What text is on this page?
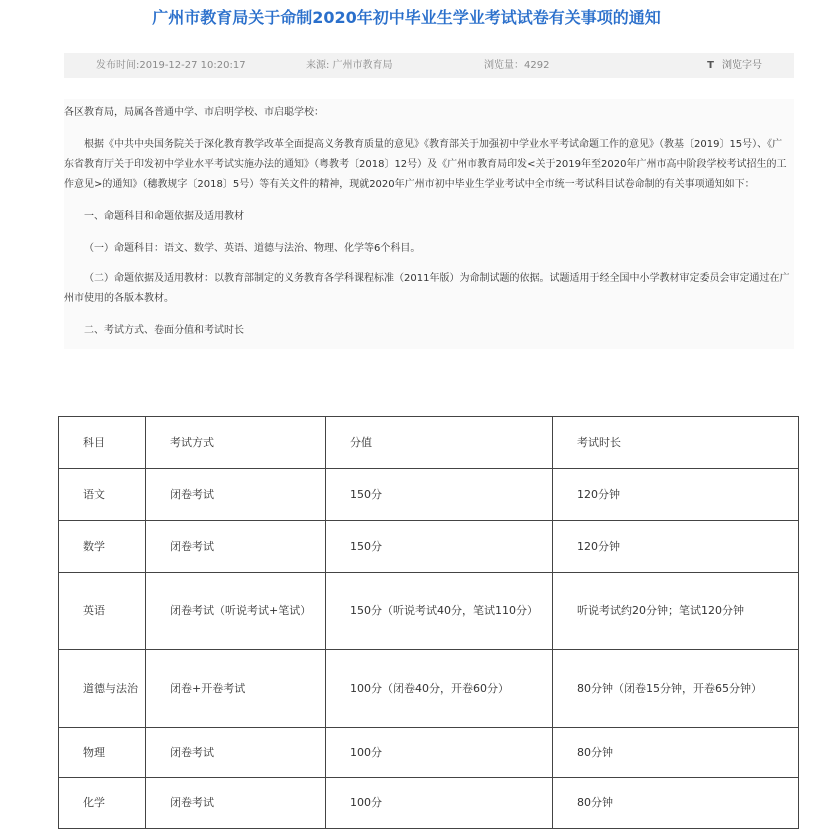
广州市教育局关于命制2020年初中毕业生学业考试试卷有关事项的通知
发布时间:2019-12-27 10:20:17	来源: 广州市教育局	浏览量：4292	T 浏览字号

各区教育局，局属各普通中学、市启明学校、市启聪学校：

根据《中共中央国务院关于深化教育教学改革全面提高义务教育质量的意见》《教育部关于加强初中学业水平考试命题工作的意见》（教基〔2019〕15号）、《广东省教育厅关于印发初中学业水平考试实施办法的通知》（粤教考〔2018〕12号）及《广州市教育局印发<关于2019年至2020年广州市高中阶段学校考试招生的工作意见>的通知》（穗教规字〔2018〕5号）等有关文件的精神，现就2020年广州市初中毕业生学业考试中全市统一考试科目试卷命制的有关事项通知如下：

一、命题科目和命题依据及适用教材

（一）命题科目：语文、数学、英语、道德与法治、物理、化学等6个科目。

（二）命题依据及适用教材：以教育部制定的义务教育各学科课程标准（2011年版）为命制试题的依据。试题适用于经全国中小学教材审定委员会审定通过在广州市使用的各版本教材。

二、考试方式、卷面分值和考试时长

科目	考试方式	分值	考试时长
语文	闭卷考试	150分	120分钟
数学	闭卷考试	150分	120分钟
英语	闭卷考试（听说考试+笔试）	150分（听说考试40分，笔试110分）	听说考试约20分钟；笔试120分钟
道德与法治	闭卷+开卷考试	100分（闭卷40分，开卷60分）	80分钟（闭卷15分钟，开卷65分钟）
物理	闭卷考试	100分	80分钟
化学	闭卷考试	100分	80分钟
